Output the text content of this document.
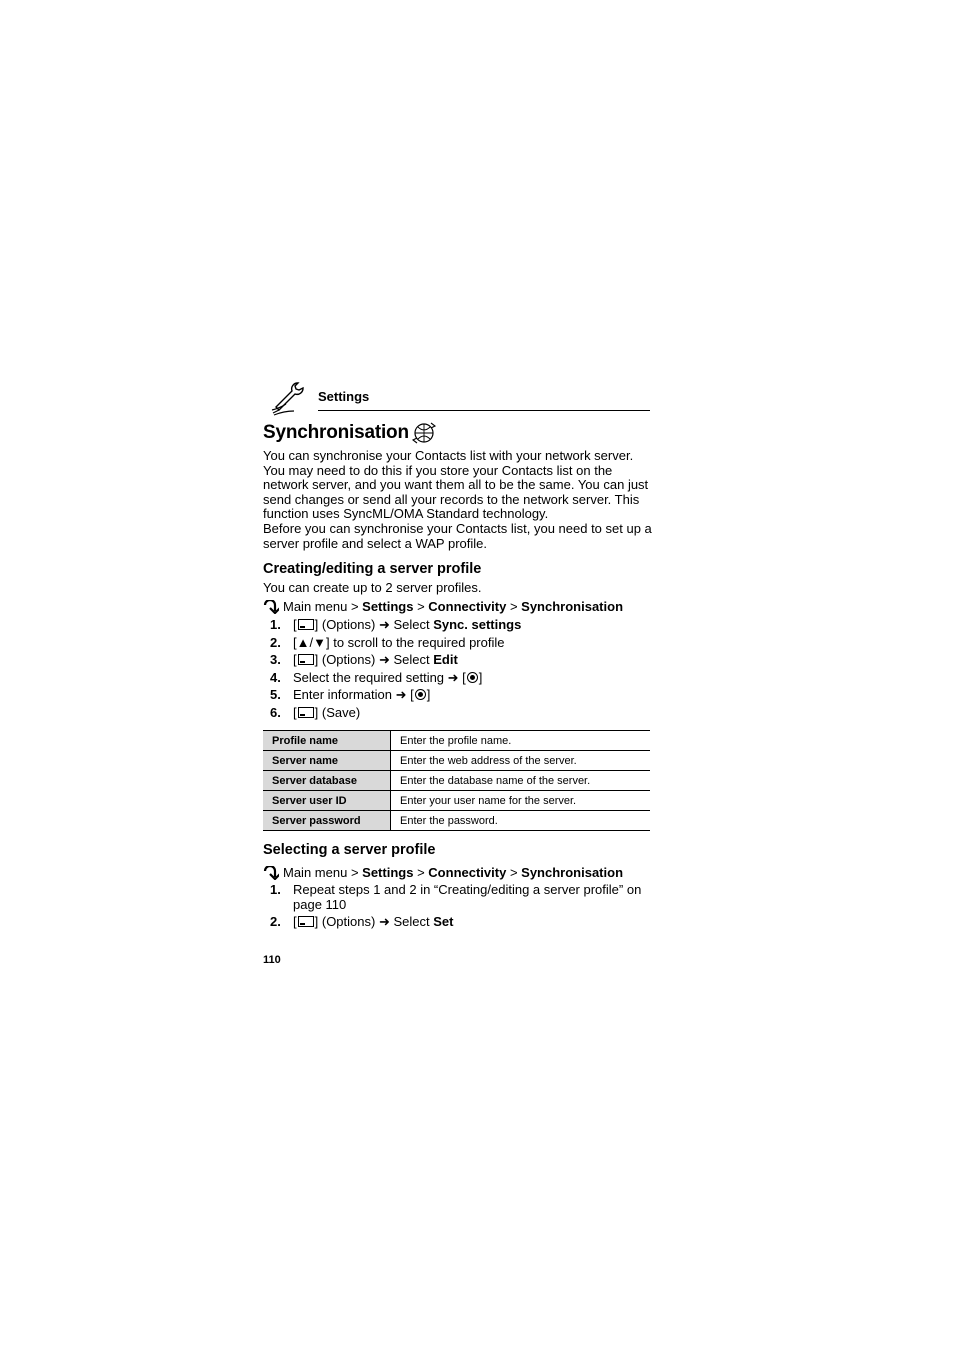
Settings
Synchronisation
You can synchronise your Contacts list with your network server. You may need to do this if you store your Contacts list on the network server, and you want them all to be the same. You can just send changes or send all your records to the network server. This function uses SyncML/OMA Standard technology.
Before you can synchronise your Contacts list, you need to set up a server profile and select a WAP profile.
Creating/editing a server profile
You can create up to 2 server profiles.
Main menu
>
Settings
>
Connectivity
>
Synchronisation
1. [ ] (Options) ➜ Select Sync. settings
2. [▲/▼] to scroll to the required profile
3. [ ] (Options) ➜ Select Edit
4. Select the required setting ➜ [ ]
5. Enter information ➜ [ ]
6. [ ] (Save)
Profile name	Enter the profile name.
Server name	Enter the web address of the server.
Server database	Enter the database name of the server.
Server user ID	Enter your user name for the server.
Server password	Enter the password.
Selecting a server profile
Main menu
>
Settings
>
Connectivity
>
Synchronisation
1. Repeat steps 1 and 2 in “Creating/editing a server profile” on
page 110
2. [ ] (Options) ➜ Select Set
110
